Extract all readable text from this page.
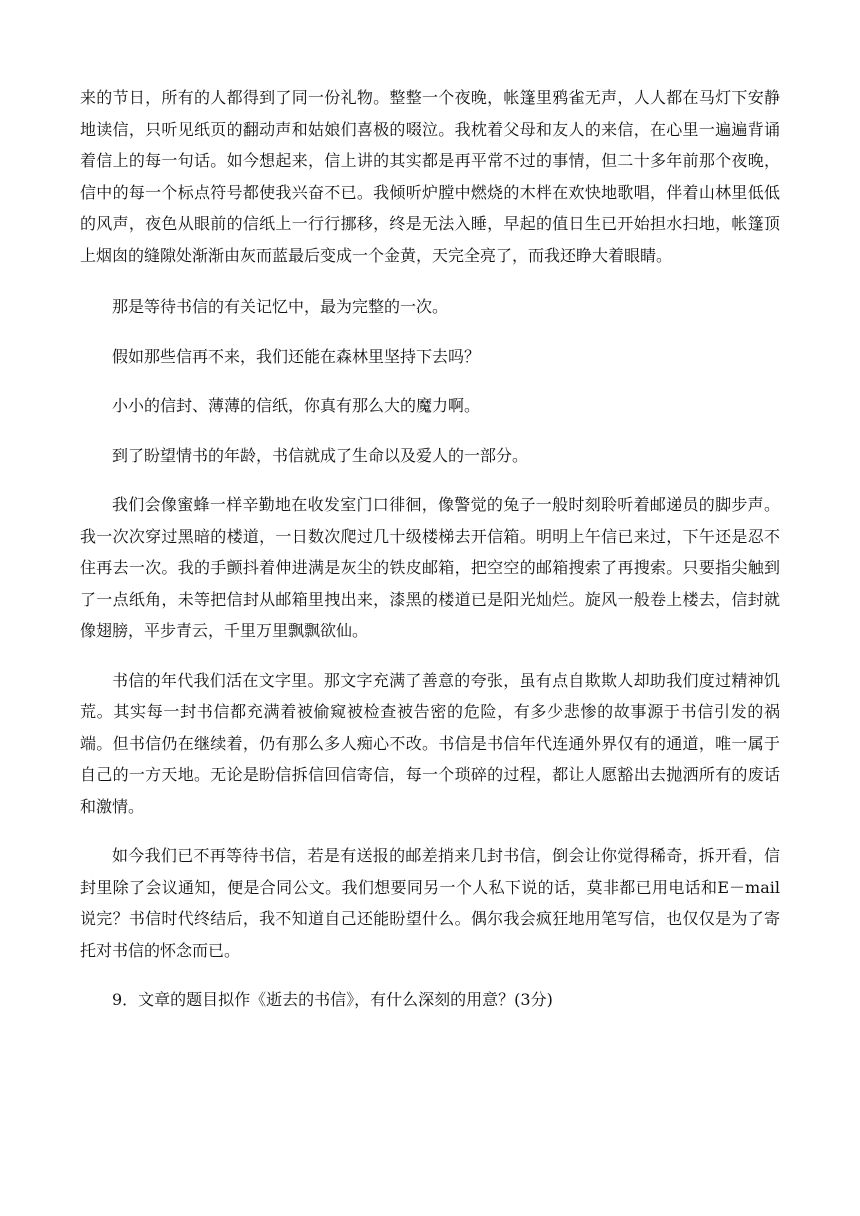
来的节日，所有的人都得到了同一份礼物。整整一个夜晚，帐篷里鸦雀无声，人人都在马灯下安静地读信，只听见纸页的翻动声和姑娘们喜极的啜泣。我枕着父母和友人的来信，在心里一遍遍背诵着信上的每一句话。如今想起来，信上讲的其实都是再平常不过的事情，但二十多年前那个夜晚，信中的每一个标点符号都使我兴奋不已。我倾听炉膛中燃烧的木柈在欢快地歌唱，伴着山林里低低的风声，夜色从眼前的信纸上一行行挪移，终是无法入睡，早起的值日生已开始担水扫地，帐篷顶上烟囱的缝隙处渐渐由灰而蓝最后变成一个金黄，天完全亮了，而我还睁大着眼睛。

那是等待书信的有关记忆中，最为完整的一次。

假如那些信再不来，我们还能在森林里坚持下去吗？

小小的信封、薄薄的信纸，你真有那么大的魔力啊。

到了盼望情书的年龄，书信就成了生命以及爱人的一部分。

我们会像蜜蜂一样辛勤地在收发室门口徘徊，像警觉的兔子一般时刻聆听着邮递员的脚步声。我一次次穿过黑暗的楼道，一日数次爬过几十级楼梯去开信箱。明明上午信已来过，下午还是忍不住再去一次。我的手颤抖着伸进满是灰尘的铁皮邮箱，把空空的邮箱搜索了再搜索。只要指尖触到了一点纸角，未等把信封从邮箱里拽出来，漆黑的楼道已是阳光灿烂。旋风一般卷上楼去，信封就像翅膀，平步青云，千里万里飘飘欲仙。

书信的年代我们活在文字里。那文字充满了善意的夸张，虽有点自欺欺人却助我们度过精神饥荒。其实每一封书信都充满着被偷窥被检查被告密的危险，有多少悲惨的故事源于书信引发的祸端。但书信仍在继续着，仍有那么多人痴心不改。书信是书信年代连通外界仅有的通道，唯一属于自己的一方天地。无论是盼信拆信回信寄信，每一个琐碎的过程，都让人愿豁出去抛洒所有的废话和激情。

如今我们已不再等待书信，若是有送报的邮差捎来几封书信，倒会让你觉得稀奇，拆开看，信封里除了会议通知，便是合同公文。我们想要同另一个人私下说的话，莫非都已用电话和E－mail说完？书信时代终结后，我不知道自己还能盼望什么。偶尔我会疯狂地用笔写信，也仅仅是为了寄托对书信的怀念而已。

9．文章的题目拟作《逝去的书信》，有什么深刻的用意？(3分)
